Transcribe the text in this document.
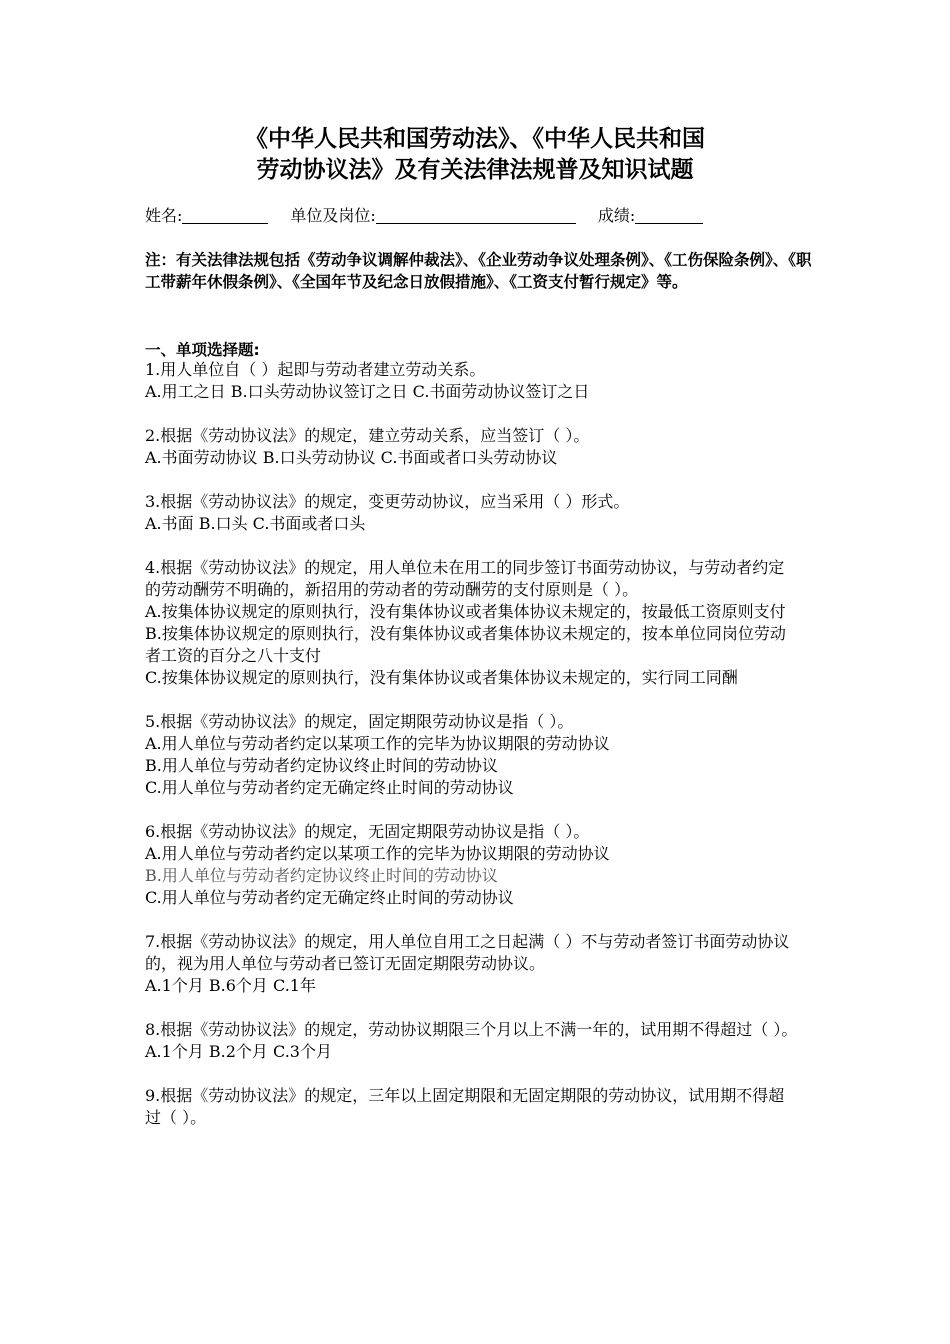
《中华人民共和国劳动法》、《中华人民共和国
劳动协议法》及有关法律法规普及知识试题
姓名:	单位及岗位:	成绩:
注：有关法律法规包括《劳动争议调解仲裁法》、《企业劳动争议处理条例》、《工伤保险条例》、《职工带薪年休假条例》、《全国年节及纪念日放假措施》、《工资支付暂行规定》等。
一、单项选择题:
1.用人单位自（ ）起即与劳动者建立劳动关系。
A.用工之日 B.口头劳动协议签订之日 C.书面劳动协议签订之日
2.根据《劳动协议法》的规定，建立劳动关系，应当签订（ ）。
A.书面劳动协议 B.口头劳动协议 C.书面或者口头劳动协议
3.根据《劳动协议法》的规定，变更劳动协议，应当采用（ ）形式。
A.书面 B.口头 C.书面或者口头
4.根据《劳动协议法》的规定，用人单位未在用工的同步签订书面劳动协议，与劳动者约定的劳动酬劳不明确的，新招用的劳动者的劳动酬劳的支付原则是（ ）。
A.按集体协议规定的原则执行，没有集体协议或者集体协议未规定的，按最低工资原则支付
B.按集体协议规定的原则执行，没有集体协议或者集体协议未规定的，按本单位同岗位劳动者工资的百分之八十支付
C.按集体协议规定的原则执行，没有集体协议或者集体协议未规定的，实行同工同酬
5.根据《劳动协议法》的规定，固定期限劳动协议是指（ ）。
A.用人单位与劳动者约定以某项工作的完毕为协议期限的劳动协议
B.用人单位与劳动者约定协议终止时间的劳动协议
C.用人单位与劳动者约定无确定终止时间的劳动协议
6.根据《劳动协议法》的规定，无固定期限劳动协议是指（ ）。
A.用人单位与劳动者约定以某项工作的完毕为协议期限的劳动协议
B.用人单位与劳动者约定协议终止时间的劳动协议
C.用人单位与劳动者约定无确定终止时间的劳动协议
7.根据《劳动协议法》的规定，用人单位自用工之日起满（ ）不与劳动者签订书面劳动协议的，视为用人单位与劳动者已签订无固定期限劳动协议。
A.1个月 B.6个月 C.1年
8.根据《劳动协议法》的规定，劳动协议期限三个月以上不满一年的，试用期不得超过（ ）。
A.1个月 B.2个月 C.3个月
9.根据《劳动协议法》的规定，三年以上固定期限和无固定期限的劳动协议，试用期不得超过（ ）。
